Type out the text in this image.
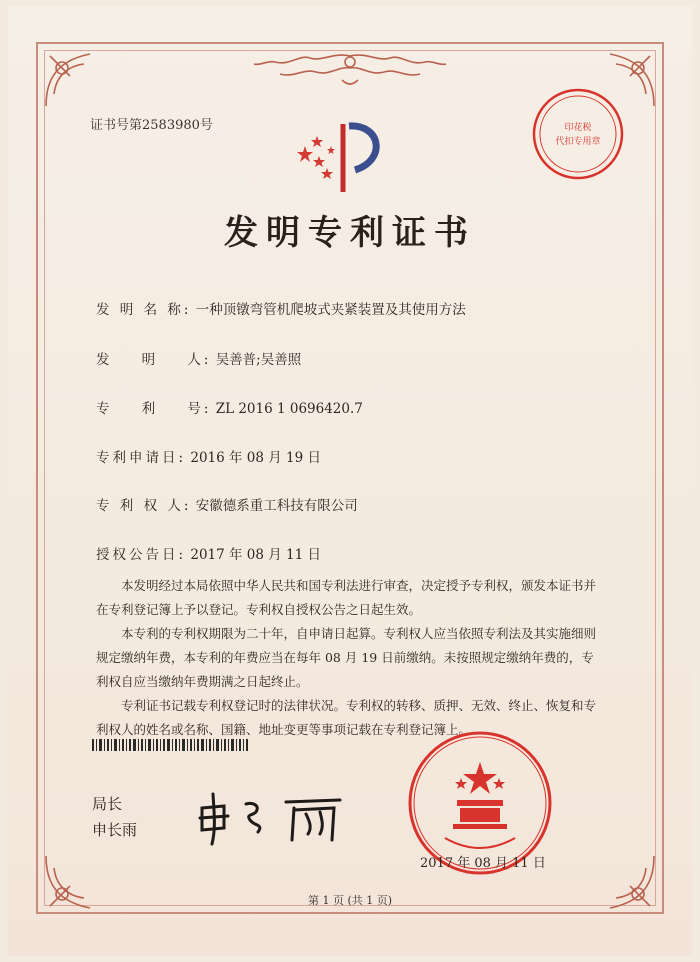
证书号第2583980号	印花税
代扣专用章
发明专利证书
发 明 名 称: 一种顶镦弯管机爬坡式夹紧装置及其使用方法
发    明    人: 吴善普;吴善照
专    利    号: ZL 2016 1 0696420.7
专利申请日: 2016 年 08 月 19 日
专 利 权 人: 安徽德系重工科技有限公司
授权公告日: 2017 年 08 月 11 日

本发明经过本局依照中华人民共和国专利法进行审查，决定授予专利权，颁发本证书并在专利登记簿上予以登记。专利权自授权公告之日起生效。

本专利的专利权期限为二十年，自申请日起算。专利权人应当依照专利法及其实施细则规定缴纳年费，本专利的年费应当在每年 08 月 19 日前缴纳。未按照规定缴纳年费的，专利权自应当缴纳年费期满之日起终止。

专利证书记载专利权登记时的法律状况。专利权的转移、质押、无效、终止、恢复和专利权人的姓名或名称、国籍、地址变更等事项记载在专利登记簿上。

局长
申长雨
2017 年 08 月 11 日
第 1 页 (共 1 页)
